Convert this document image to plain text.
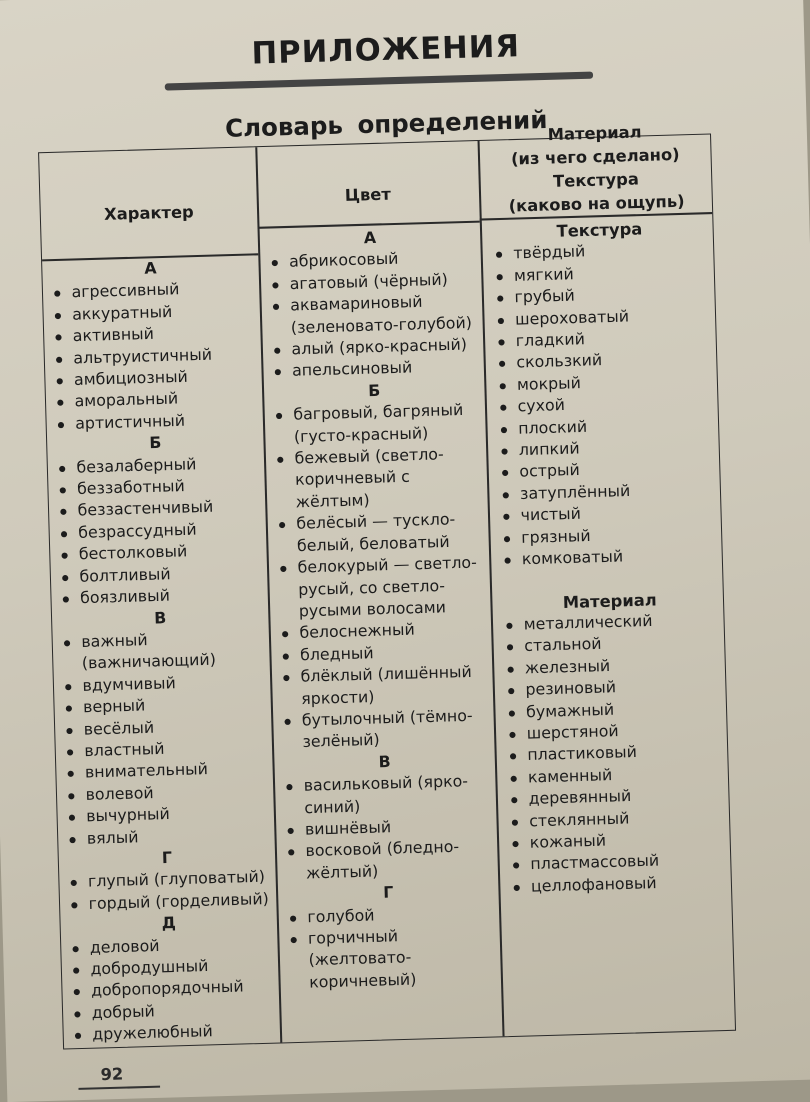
ПРИЛОЖЕНИЯ
Словарь определений
Характер
Цвет
Материал
(из чего сделано)
Текстура
(каково на ощупь)
А
агрессивный
аккуратный
активный
альтруистичный
амбициозный
аморальный
артистичный
Б
безалаберный
беззаботный
беззастенчивый
безрассудный
бестолковый
болтливый
боязливый
В
важный (важничающий)
вдумчивый
верный
весёлый
властный
внимательный
волевой
вычурный
вялый
Г
глупый (глуповатый)
гордый (горделивый)
Д
деловой
добродушный
добропорядочный
добрый
дружелюбный
А
абрикосовый
агатовый (чёрный)
аквамариновый (зеленовато-голубой)
алый (ярко-красный)
апельсиновый
Б
багровый, багряный (густо-красный)
бежевый (светло-коричневый с жёлтым)
белёсый — тускло-белый, беловатый
белокурый — светло-русый, со светло-русыми волосами
белоснежный
бледный
блёклый (лишённый яркости)
бутылочный (тёмно-зелёный)
В
васильковый (ярко-синий)
вишнёвый
восковой (бледно-жёлтый)
Г
голубой
горчичный (желтовато-коричневый)
Текстура
твёрдый
мягкий
грубый
шероховатый
гладкий
скользкий
мокрый
сухой
плоский
липкий
острый
затуплённый
чистый
грязный
комковатый
Материал
металлический
стальной
железный
резиновый
бумажный
шерстяной
пластиковый
каменный
деревянный
стеклянный
кожаный
пластмассовый
целлофановый
92
